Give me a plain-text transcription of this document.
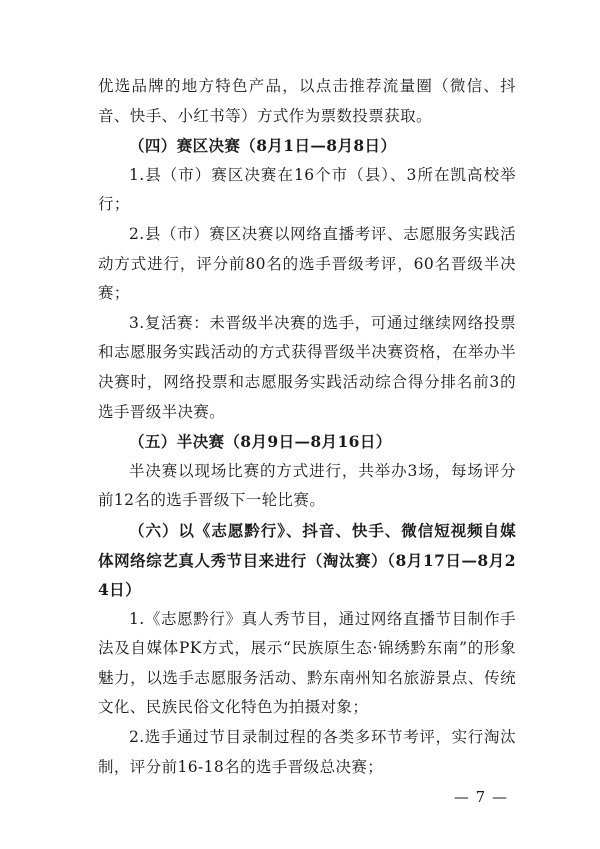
优选品牌的地方特色产品，以点击推荐流量圈（微信、抖音、快手、小红书等）方式作为票数投票获取。

（四）赛区决赛（8月1日—8月8日）

1.县（市）赛区决赛在16个市（县）、3所在凯高校举行；

2.县（市）赛区决赛以网络直播考评、志愿服务实践活动方式进行，评分前80名的选手晋级考评，60名晋级半决赛；

3.复活赛：未晋级半决赛的选手，可通过继续网络投票和志愿服务实践活动的方式获得晋级半决赛资格，在举办半决赛时，网络投票和志愿服务实践活动综合得分排名前3的选手晋级半决赛。

（五）半决赛（8月9日—8月16日）

半决赛以现场比赛的方式进行，共举办3场，每场评分前12名的选手晋级下一轮比赛。

（六）以《志愿黔行》、抖音、快手、微信短视频自媒体网络综艺真人秀节目来进行（淘汰赛）（8月17日—8月24日）

1.《志愿黔行》真人秀节目，通过网络直播节目制作手法及自媒体PK方式，展示“民族原生态·锦绣黔东南”的形象魅力，以选手志愿服务活动、黔东南州知名旅游景点、传统文化、民族民俗文化特色为拍摄对象；

2.选手通过节目录制过程的各类多环节考评，实行淘汰制，评分前16-18名的选手晋级总决赛；

— 7 —
